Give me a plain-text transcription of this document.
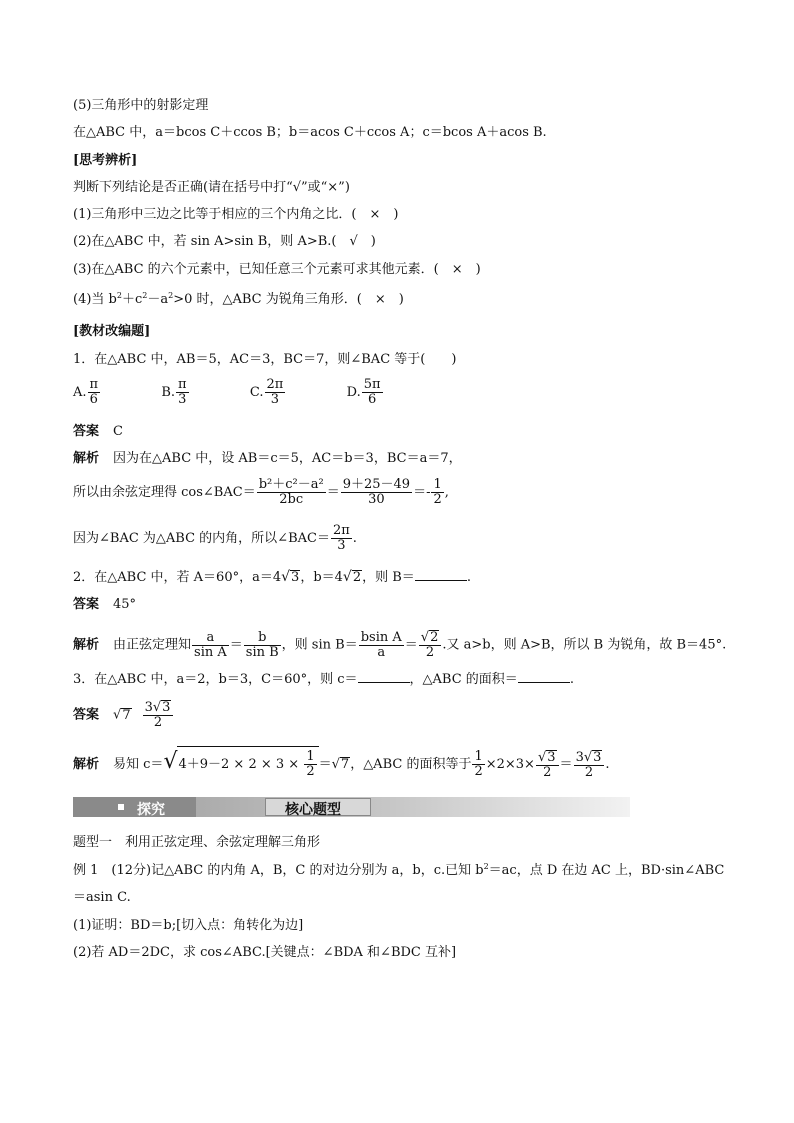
(5)三角形中的射影定理
在△ABC 中，a＝bcos C＋ccos B；b＝acos C＋ccos A；c＝bcos A＋acos B.
[思考辨析]
判断下列结论是否正确(请在括号中打“√”或“×”)
(1)三角形中三边之比等于相应的三个内角之比．(　×　)
(2)在△ABC 中，若 sin A>sin B，则 A>B.(　√　)
(3)在△ABC 的六个元素中，已知任意三个元素可求其他元素．(　×　)
(4)当 $b^2+c^2-a^2>0$ 时，△ABC 为锐角三角形．(　×　)
[教材改编题]
1．在△ABC 中，AB＝5，AC＝3，BC＝7，则∠BAC 等于(　　)
A. $\frac{\pi}{6}$	B. $\frac{\pi}{3}$	C. $\frac{2\pi}{3}$	D. $\frac{5\pi}{6}$
答案 C
解析 因为在△ABC 中，设 AB＝c＝5，AC＝b＝3，BC＝a＝7，
所以由余弦定理得 cos∠BAC＝ $\frac{\text{b²＋c²－a²}}{2bc} = \frac{9+25-49}{30} =- \frac{1}{2}$ ,
因为∠BAC 为△ABC 的内角，所以∠BAC＝ $\frac{2\pi}{3}$ .
2．在△ABC 中，若 A＝60°，a＝4√3，b＝4√2，则 B＝	.
答案 45°
解析 由正弦定理知 $\frac{a}{\text{sin A}} = \frac{b}{\text{sin B}}$ ，则 $\sin B= \frac{\text{bsin A}}{a} = \frac{√2}{2}$ .又 a>b，则 A>B，所以 B 为锐角，故 B＝45°.
3．在△ABC 中，a＝2，b＝3，C＝60°，则 c＝	，△ABC 的面积＝	.
答案 $√7 \frac{3√3}{2}$
解析 易知 $c=√4+9-2 \times 2 \times 3 \times \frac{1}{2} =√7$，△ABC 的面积等于 $\frac{1}{2} \times 2\times 3\times \frac{√3}{2} = \frac{3√3}{2}$ .
探究	核心题型
题型一　利用正弦定理、余弦定理解三角形
例 1　(12分)记△ABC 的内角 A，B，C 的对边分别为 a，b，c.已知 $b^2=ac$，点 D 在边 AC 上，BD·sin∠ABC
＝asin C.
(1)证明：BD＝b;[切入点：角转化为边]
(2)若 AD＝2DC，求 cos∠ABC.[关键点：∠BDA 和∠BDC 互补]
